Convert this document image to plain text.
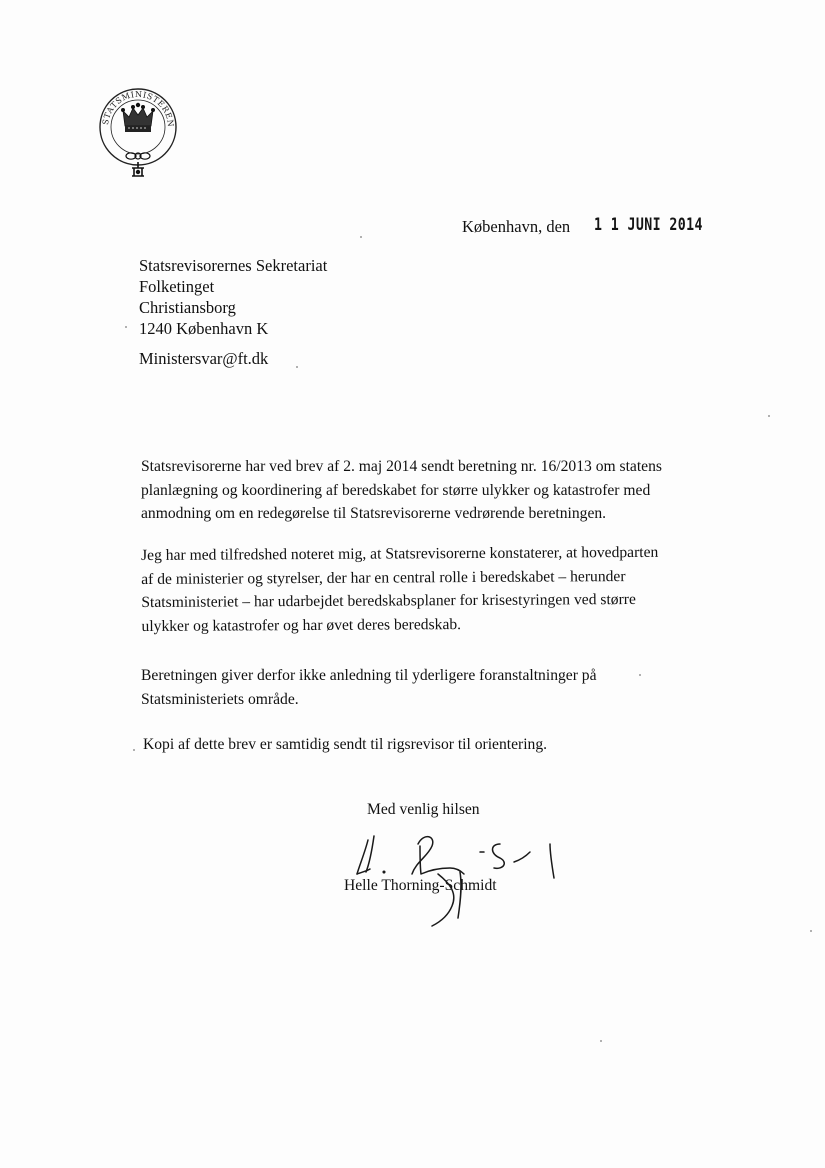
STATSMINISTEREN
København, den 1 1 JUNI 2014
Statsrevisorernes Sekretariat
Folketinget
Christiansborg
1240 København K
Ministersvar@ft.dk
Statsrevisorerne har ved brev af 2. maj 2014 sendt beretning nr. 16/2013 om statens
planlægning og koordinering af beredskabet for større ulykker og katastrofer med
anmodning om en redegørelse til Statsrevisorerne vedrørende beretningen.
Jeg har med tilfredshed noteret mig, at Statsrevisorerne konstaterer, at hovedparten
af de ministerier og styrelser, der har en central rolle i beredskabet – herunder
Statsministeriet – har udarbejdet beredskabsplaner for krisestyringen ved større
ulykker og katastrofer og har øvet deres beredskab.
Beretningen giver derfor ikke anledning til yderligere foranstaltninger på
Statsministeriets område.
Kopi af dette brev er samtidig sendt til rigsrevisor til orientering.
Med venlig hilsen
Helle Thorning-Schmidt
